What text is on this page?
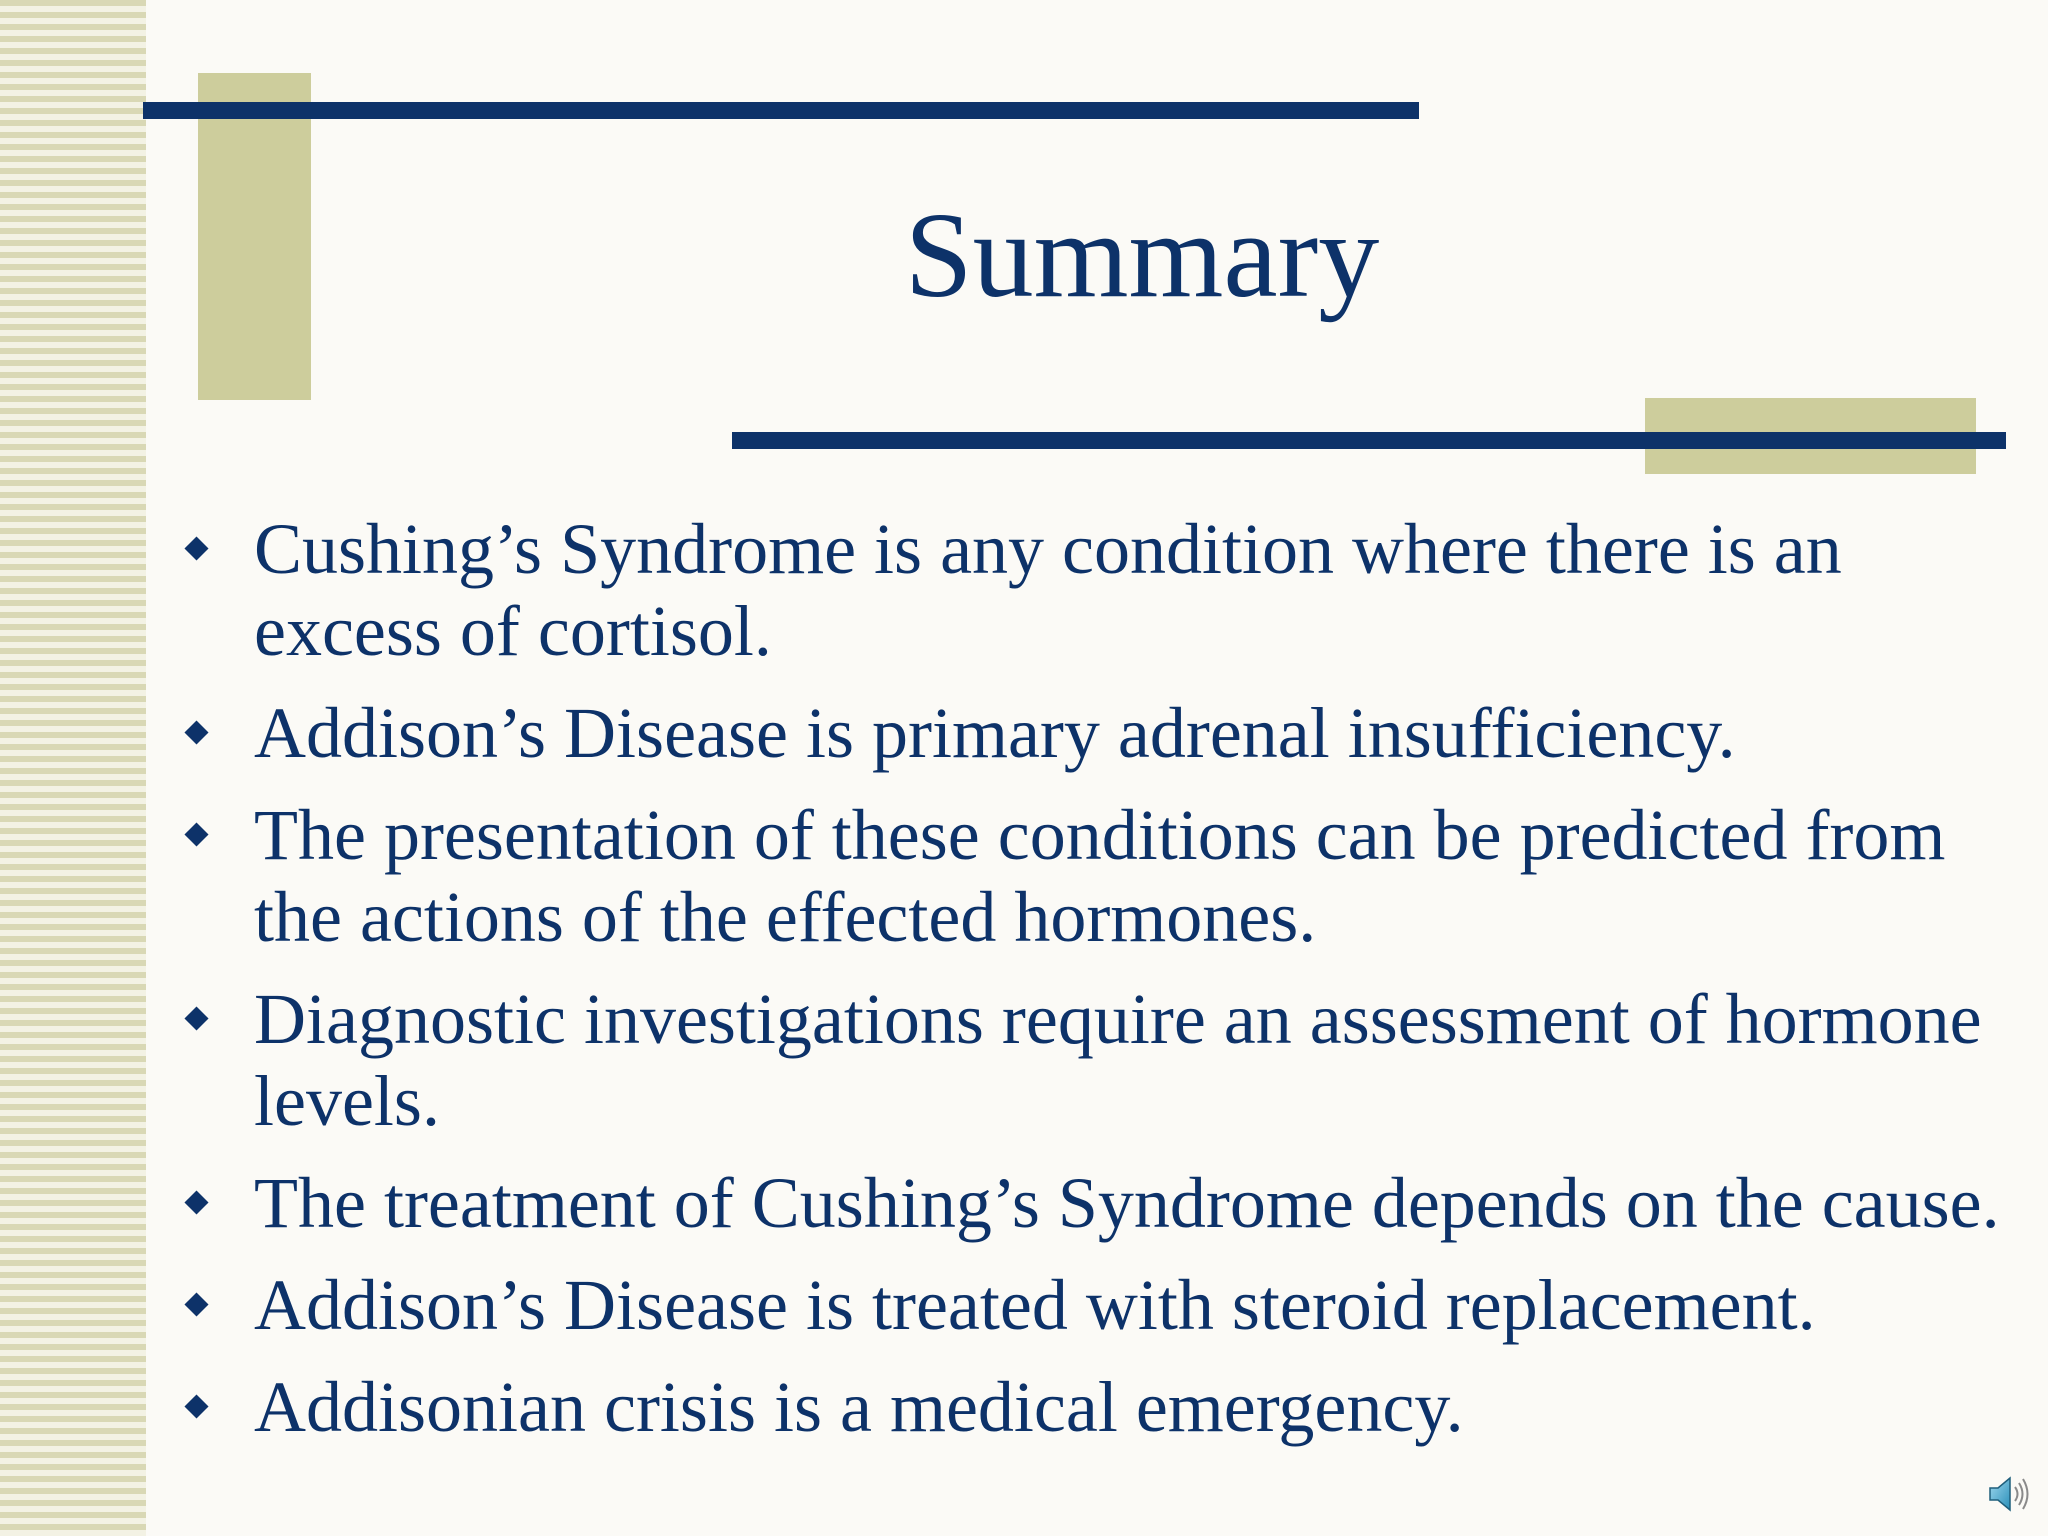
Summary
Cushing’s Syndrome is any condition where there is an excess of cortisol.
Addison’s Disease is primary adrenal insufficiency.
The presentation of these conditions can be predicted from the actions of the effected hormones.
Diagnostic investigations require an assessment of hormone levels.
The treatment of Cushing’s Syndrome depends on the cause.
Addison’s Disease is treated with steroid replacement.
Addisonian crisis is a medical emergency.
